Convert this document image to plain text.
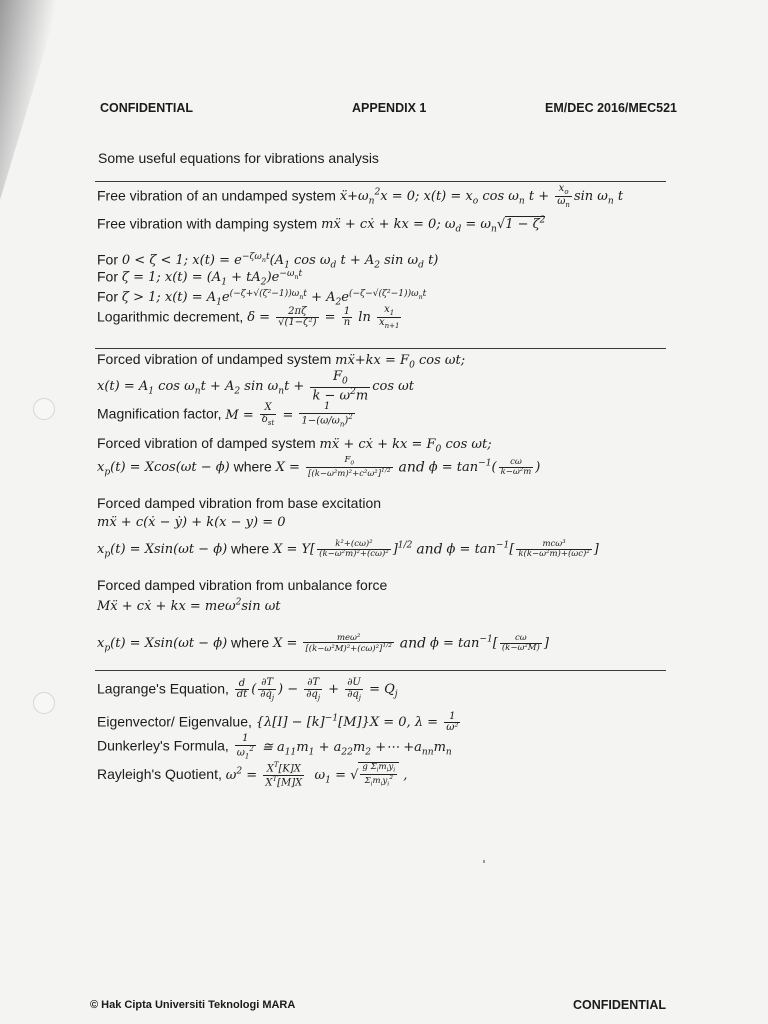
CONFIDENTIAL	APPENDIX 1	EM/DEC 2016/MEC521
Some useful equations for vibrations analysis
Free vibration of an undamped system $ẍ+\omega_n^2x = 0$; $x(t) = x_o$ $\cos \omega_n$ $t + \frac{x_o}{\omega_n}$ $\sin \omega_n$ t
Free vibration with damping system mẍ + cẋ + kx = 0; $\omega_d = \omega_n√1 - \zeta^2$
For 0 < ζ < 1; $x(t) = e^{-\zeta\omega_nt}(A_1$ $\cos \omega_d$ $t + A_2$ $\sin \omega_d$ t)
For ζ = 1; $x(t) = (A_1 + tA_2)e^{-\omega_nt}$
For ζ > 1; $x(t) = A_1e^{(-\zeta+√(\zeta^2-1))\omega_nt} + A_2e^{(-\zeta-√(\zeta^2-1))\omega_nt}$
Logarithmic decrement, $\delta = \frac{2\pi\zeta}{\text{√(1−ζ²)}} = \frac{1}{n}$ $\ln \frac{x_1}{x_{n+1}}$
Forced vibration of undamped system mẍ+kx = $F_0$ cos ωt;
$x(t) = A_1$ $\cos \omega_nt + A_2$ $\sin \omega_nt + \frac{F_0}{k - \omega^2m}$ cos ωt
Magnification factor, $M = \frac{X}{\delta_{st}} = \frac{1}{1-(\omega/\omega_n)^2}$
Forced vibration of damped system mẍ + cẋ + kx = $F_0$ cos ωt;
$x_p(t) = Xcos(\omega t - \phi)$ where $X = \frac{F_0}{[(k-\omega^2m)^2+c^2\omega^2]^{1/2}}$ and $\phi = \tan^{-1}( \frac{c\omega}{\text{k−ω²m}}$ )
Forced damped vibration from base excitation
mẍ + c(ẋ − ẏ) + k(x − y) = 0
$x_p(t) = Xsin(\omega t - \phi)$ where $X = Y[ \frac{\text{k²+(cω)²}}{\text{(k−ω²m)²+(cω)²}} ]^{1/2}$ and $\phi = \tan^{-1}[ \frac{\text{mcω³}}{\text{k(k−ω²m)+(ωc)²}}$ ]
Forced damped vibration from unbalance force
Mẍ + cẋ + kx = meω$^2$sin ωt
$x_p(t) = Xsin(\omega t - \phi)$ where $X = \frac{\text{meω²}}{[(k-\omega^2M)^2+(c\omega)^2]^{1/2}}$ and $\phi = \tan^{-1}[ \frac{c\omega}{\text{(k−ω²M)}}$ ]
Lagrange's Equation, $\frac{d}{dt}$ ( $\frac{\partial T}{\partial q̇_j}$ ) − $\frac{\partial T}{\partial q_j} + \frac{\partial U}{\partial q_j} = Q_j$
Eigenvector/ Eigenvalue, $\{\lambda[I] - [k]^{-1}[M]\}X = 0$, $\lambda = \frac{1}{\text{ω²}}$
Dunkerley's Formula, $\frac{1}{\omega_1^2}$ ≅ $a_{11}m_1 + a_{22}m_2$ +⋯ $+a_{nn}m_n$
Rayleigh's Quotient, $\omega^2 = \frac{X^T[K]X}{X^T[M]X} \omega_1$ = √ $\frac{g \Sigma_im_iy_i}{\Sigma_im_iy_i^2}$ ,
© Hak Cipta Universiti Teknologi MARA	CONFIDENTIAL
